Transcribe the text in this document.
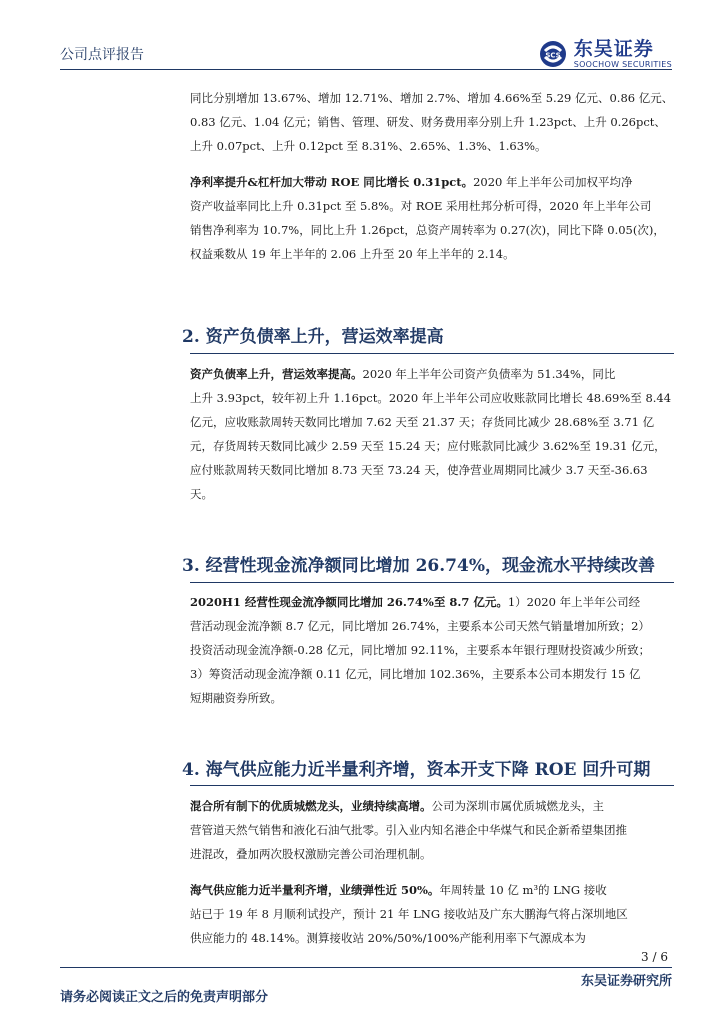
公司点评报告	SCS 东吴证券
SOOCHOW SECURITIES

同比分别增加 13.67%、增加 12.71%、增加 2.7%、增加 4.66%至 5.29 亿元、0.86 亿元、
0.83 亿元、1.04 亿元；销售、管理、研发、财务费用率分别上升 1.23pct、上升 0.26pct、
上升 0.07pct、上升 0.12pct 至 8.31%、2.65%、1.3%、1.63%。

净利率提升&杠杆加大带动 ROE 同比增长 0.31pct。2020 年上半年公司加权平均净
资产收益率同比上升 0.31pct 至 5.8%。对 ROE 采用杜邦分析可得，2020 年上半年公司
销售净利率为 10.7%，同比上升 1.26pct，总资产周转率为 0.27(次)，同比下降 0.05(次)，
权益乘数从 19 年上半年的 2.06 上升至 20 年上半年的 2.14。

2. 资产负债率上升，营运效率提高

资产负债率上升，营运效率提高。2020 年上半年公司资产负债率为 51.34%，同比
上升 3.93pct，较年初上升 1.16pct。2020 年上半年公司应收账款同比增长 48.69%至 8.44
亿元，应收账款周转天数同比增加 7.62 天至 21.37 天；存货同比减少 28.68%至 3.71 亿
元，存货周转天数同比减少 2.59 天至 15.24 天；应付账款同比减少 3.62%至 19.31 亿元，
应付账款周转天数同比增加 8.73 天至 73.24 天，使净营业周期同比减少 3.7 天至-36.63
天。

3. 经营性现金流净额同比增加 26.74%，现金流水平持续改善

2020H1 经营性现金流净额同比增加 26.74%至 8.7 亿元。1）2020 年上半年公司经
营活动现金流净额 8.7 亿元，同比增加 26.74%，主要系本公司天然气销量增加所致；2）
投资活动现金流净额-0.28 亿元，同比增加 92.11%，主要系本年银行理财投资减少所致；
3）筹资活动现金流净额 0.11 亿元，同比增加 102.36%，主要系本公司本期发行 15 亿
短期融资券所致。

4. 海气供应能力近半量利齐增，资本开支下降 ROE 回升可期

混合所有制下的优质城燃龙头，业绩持续高增。公司为深圳市属优质城燃龙头，主
营管道天然气销售和液化石油气批零。引入业内知名港企中华煤气和民企新希望集团推
进混改，叠加两次股权激励完善公司治理机制。

海气供应能力近半量利齐增，业绩弹性近 50%。年周转量 10 亿 m³的 LNG 接收
站已于 19 年 8 月顺利试投产，预计 21 年 LNG 接收站及广东大鹏海气将占深圳地区
供应能力的 48.14%。测算接收站 20%/50%/100%产能利用率下气源成本为

3 / 6
东吴证券研究所
请务必阅读正文之后的免责声明部分
